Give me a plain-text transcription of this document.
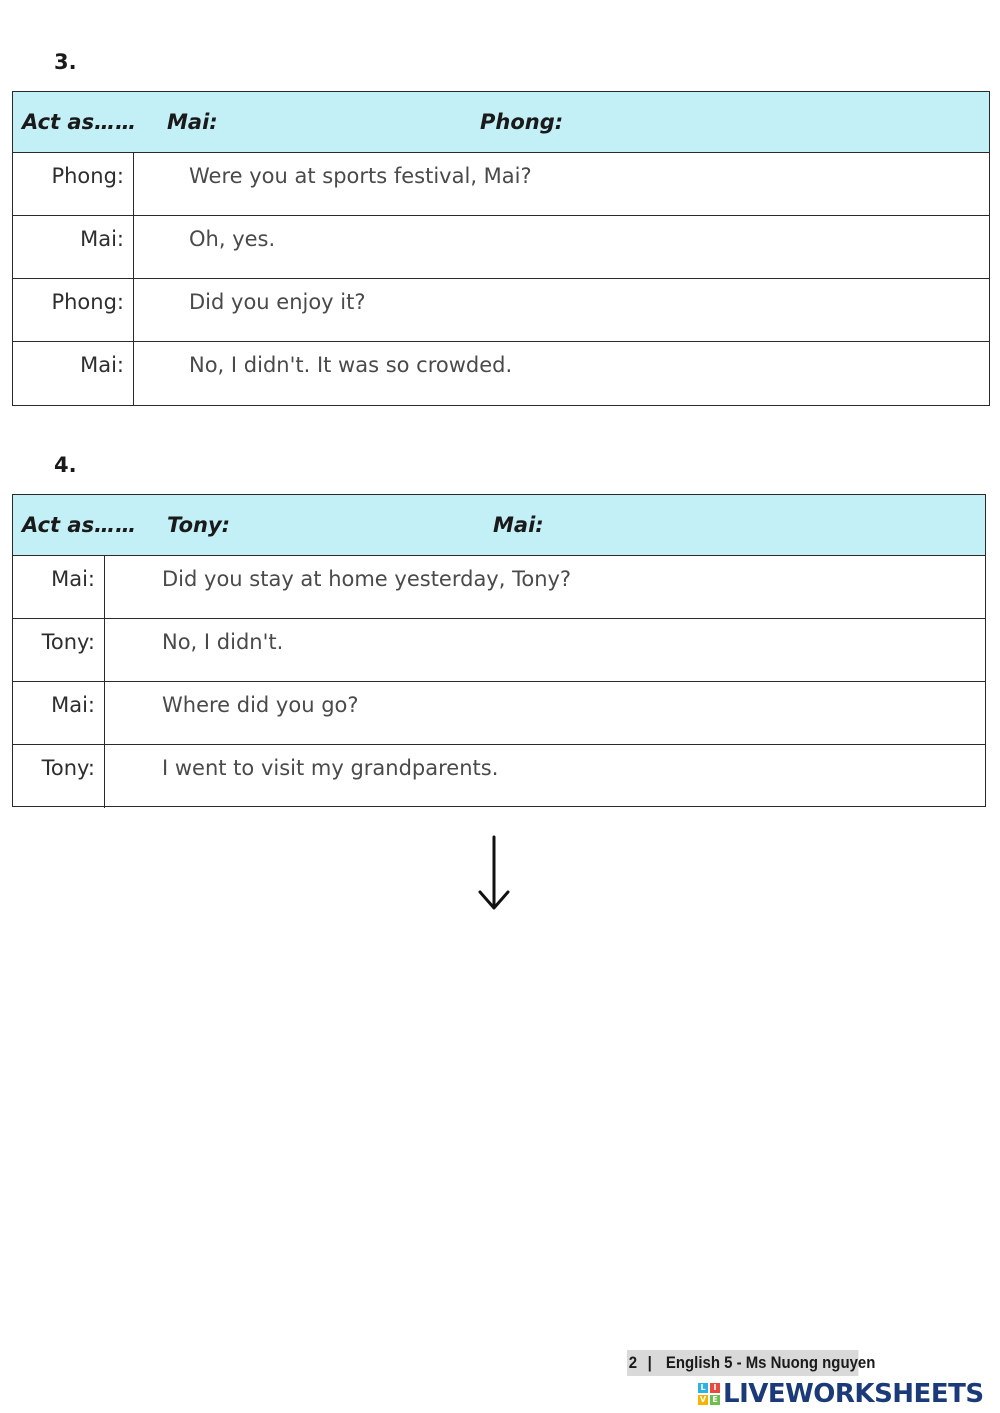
3.
Act as…… Mai:	Phong:
Phong:	Were you at sports festival, Mai?
Mai:	Oh, yes.
Phong:	Did you enjoy it?
Mai:	No, I didn't. It was so crowded.
4.
Act as…… Tony:	Mai:
Mai:	Did you stay at home yesterday, Tony?
Tony:	No, I didn't.
Mai:	Where did you go?
Tony:	I went to visit my grandparents.
2 | English 5 - Ms Nuong nguyen
L I
V E LIVEWORKSHEETS
